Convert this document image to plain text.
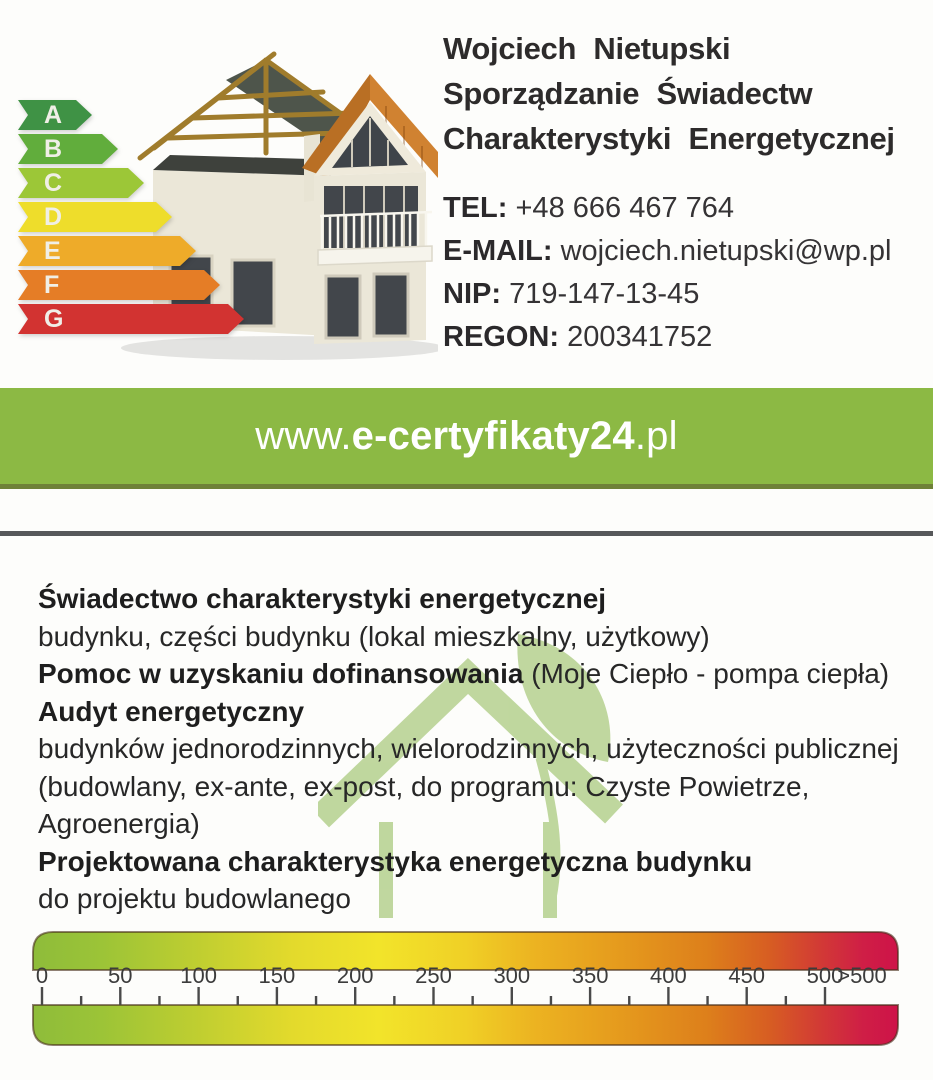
A
B
C
D
E
F
G
Wojciech Nietupski
Sporządzanie Świadectw
Charakterystyki Energetycznej
TEL: +48 666 467 764
E-MAIL: wojciech.nietupski@wp.pl
NIP: 719-147-13-45
REGON: 200341752
www.e-certyfikaty24.pl
Świadectwo charakterystyki energetycznej
budynku, części budynku (lokal mieszkalny, użytkowy)
Pomoc w uzyskaniu dofinansowania (Moje Ciepło - pompa ciepła)
Audyt energetyczny
budynków jednorodzinnych, wielorodzinnych, użyteczności publicznej
(budowlany, ex-ante, ex-post, do programu: Czyste Powietrze,
Agroenergia)
Projektowana charakterystyka energetyczna budynku
do projektu budowlanego
0	50 100 150 200 250 300 350 400 450 500
>500
